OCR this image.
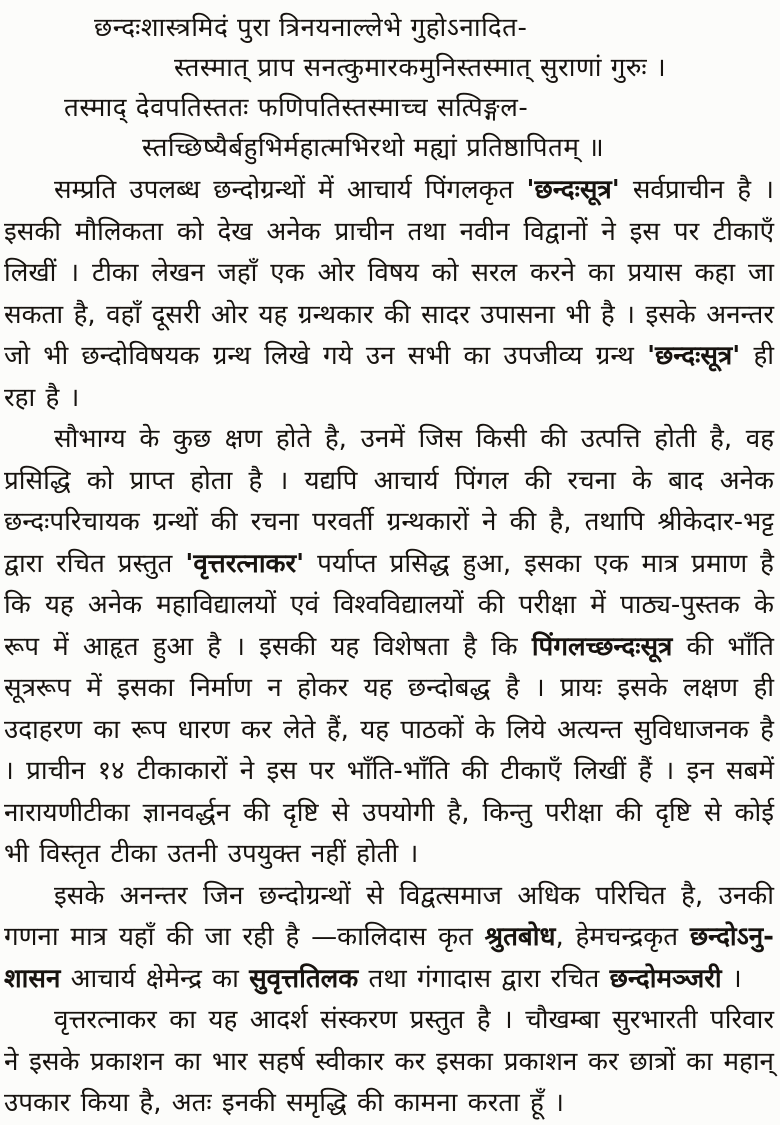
छन्दःशास्त्रमिदं पुरा त्रिनयनाल्लेभे गुहोऽनादित-
स्तस्मात् प्राप सनत्कुमारकमुनिस्तस्मात् सुराणां गुरुः ।
तस्माद् देवपतिस्ततः फणिपतिस्तस्माच्च सत्पिङ्गल-
स्तच्छिष्यैर्बहुभिर्महात्मभिरथो मह्यां प्रतिष्ठापितम् ॥

सम्प्रति उपलब्ध छन्दोग्रन्थों में आचार्य पिंगलकृत 'छन्दःसूत्र' सर्वप्राचीन है । इसकी मौलिकता को देख अनेक प्राचीन तथा नवीन विद्वानों ने इस पर टीकाएँ लिखीं । टीका लेखन जहाँ एक ओर विषय को सरल करने का प्रयास कहा जा सकता है, वहाँ दूसरी ओर यह ग्रन्थकार की सादर उपासना भी है । इसके अनन्तर जो भी छन्दोविषयक ग्रन्थ लिखे गये उन सभी का उपजीव्य ग्रन्थ 'छन्दःसूत्र' ही रहा है ।

सौभाग्य के कुछ क्षण होते है, उनमें जिस किसी की उत्पत्ति होती है, वह प्रसिद्धि को प्राप्त होता है । यद्यपि आचार्य पिंगल की रचना के बाद अनेक छन्दःपरिचायक ग्रन्थों की रचना परवर्ती ग्रन्थकारों ने की है, तथापि श्रीकेदार-भट्ट द्वारा रचित प्रस्तुत 'वृत्तरत्नाकर' पर्याप्त प्रसिद्ध हुआ, इसका एक मात्र प्रमाण है कि यह अनेक महाविद्यालयों एवं विश्वविद्यालयों की परीक्षा में पाठ्य-पुस्तक के रूप में आहृत हुआ है । इसकी यह विशेषता है कि पिंगलच्छन्दःसूत्र की भाँति सूत्ररूप में इसका निर्माण न होकर यह छन्दोबद्ध है । प्रायः इसके लक्षण ही उदाहरण का रूप धारण कर लेते हैं, यह पाठकों के लिये अत्यन्त सुविधाजनक है । प्राचीन १४ टीकाकारों ने इस पर भाँति-भाँति की टीकाएँ लिखीं हैं । इन सबमें नारायणीटीका ज्ञानवर्द्धन की दृष्टि से उपयोगी है, किन्तु परीक्षा की दृष्टि से कोई भी विस्तृत टीका उतनी उपयुक्त नहीं होती ।

इसके अनन्तर जिन छन्दोग्रन्थों से विद्वत्समाज अधिक परिचित है, उनकी गणना मात्र यहाँ की जा रही है —कालिदास कृत श्रुतबोध, हेमचन्द्रकृत छन्दोऽनु-शासन आचार्य क्षेमेन्द्र का सुवृत्ततिलक तथा गंगादास द्वारा रचित छन्दोमञ्जरी ।

वृत्तरत्नाकर का यह आदर्श संस्करण प्रस्तुत है । चौखम्बा सुरभारती परिवार ने इसके प्रकाशन का भार सहर्ष स्वीकार कर इसका प्रकाशन कर छात्रों का महान् उपकार किया है, अतः इनकी समृद्धि की कामना करता हूँ ।
